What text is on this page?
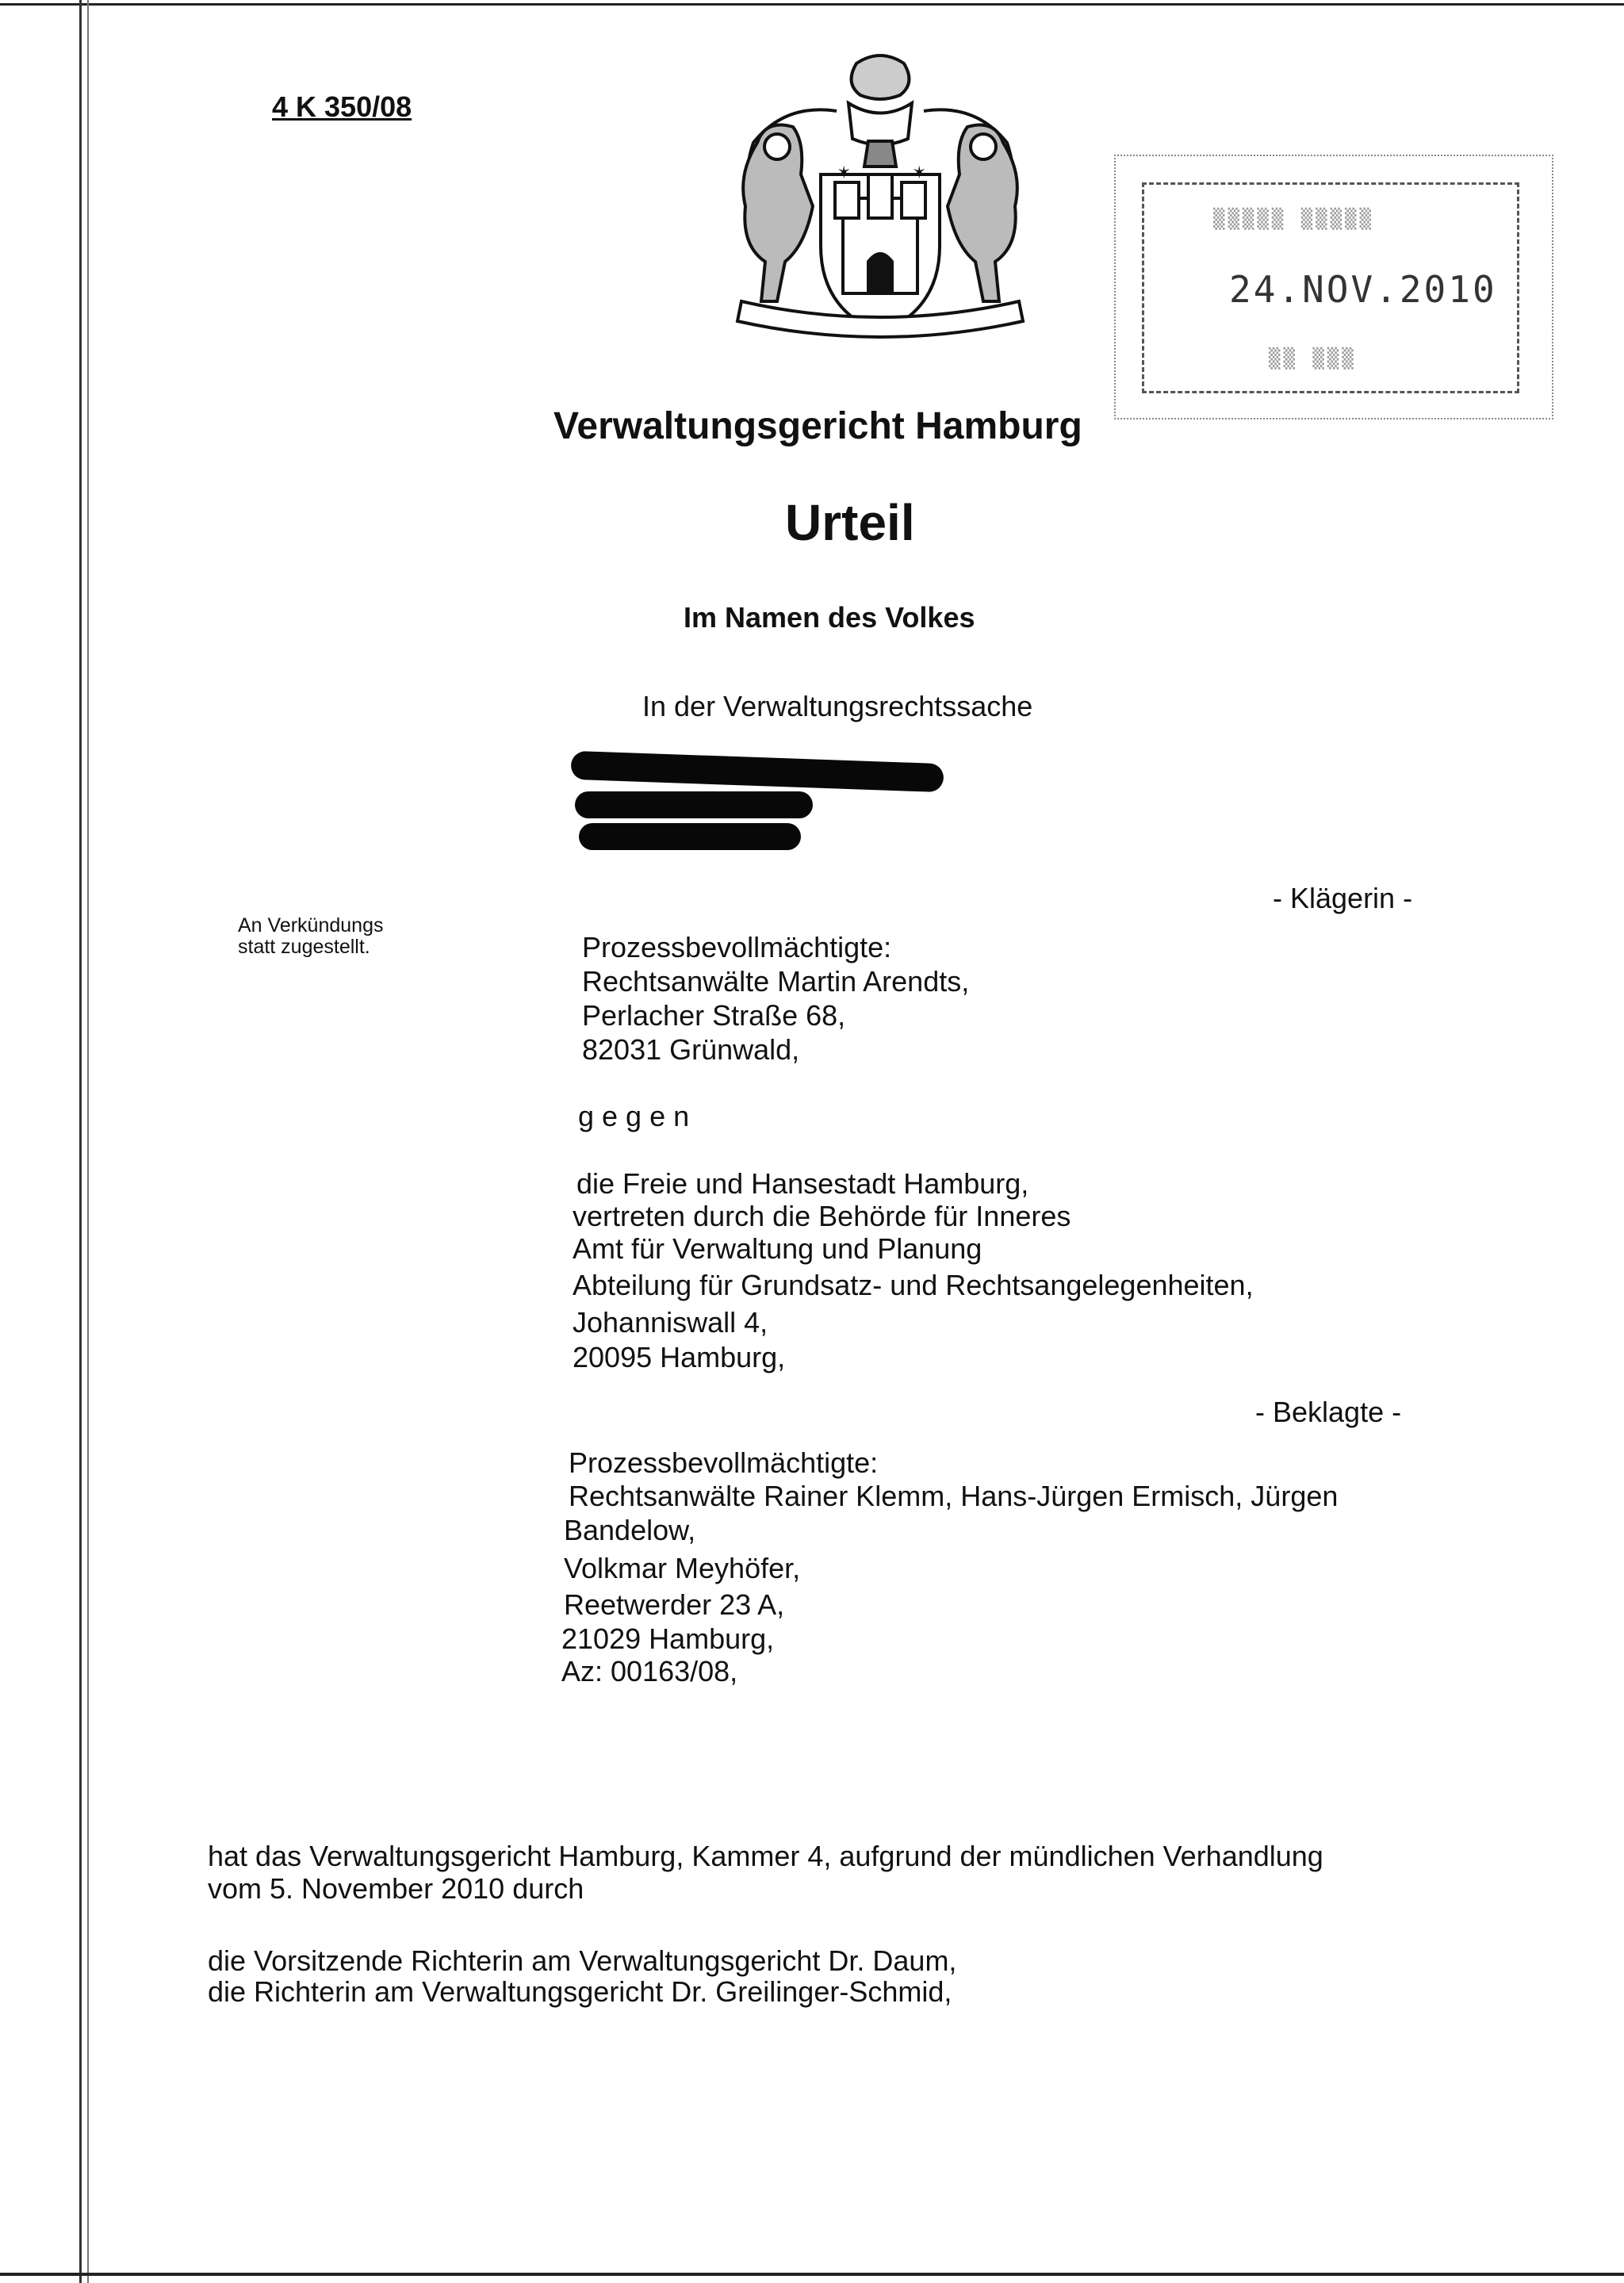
4 K 350/08
✶	✶
▒▒▒▒▒ ▒▒▒▒▒
24.NOV.2010
▒▒ ▒▒▒
Verwaltungsgericht Hamburg
Urteil
Im Namen des Volkes
In der Verwaltungsrechtssache
- Klägerin -
An Verkündungs
statt zugestellt.	Prozessbevollmächtigte:
Rechtsanwälte Martin Arendts,
Perlacher Straße 68,
82031 Grünwald,
g e g e n
die Freie und Hansestadt Hamburg,
vertreten durch die Behörde für Inneres
Amt für Verwaltung und Planung
Abteilung für Grundsatz- und Rechtsangelegenheiten,
Johanniswall 4,
20095 Hamburg,
- Beklagte -
Prozessbevollmächtigte:
Rechtsanwälte Rainer Klemm, Hans-Jürgen Ermisch, Jürgen
Bandelow,
Volkmar Meyhöfer,
Reetwerder 23 A,
21029 Hamburg,
Az: 00163/08,
hat das Verwaltungsgericht Hamburg, Kammer 4, aufgrund der mündlichen Verhandlung
vom 5. November 2010 durch
die Vorsitzende Richterin am Verwaltungsgericht Dr. Daum,
die Richterin am Verwaltungsgericht Dr. Greilinger-Schmid,
